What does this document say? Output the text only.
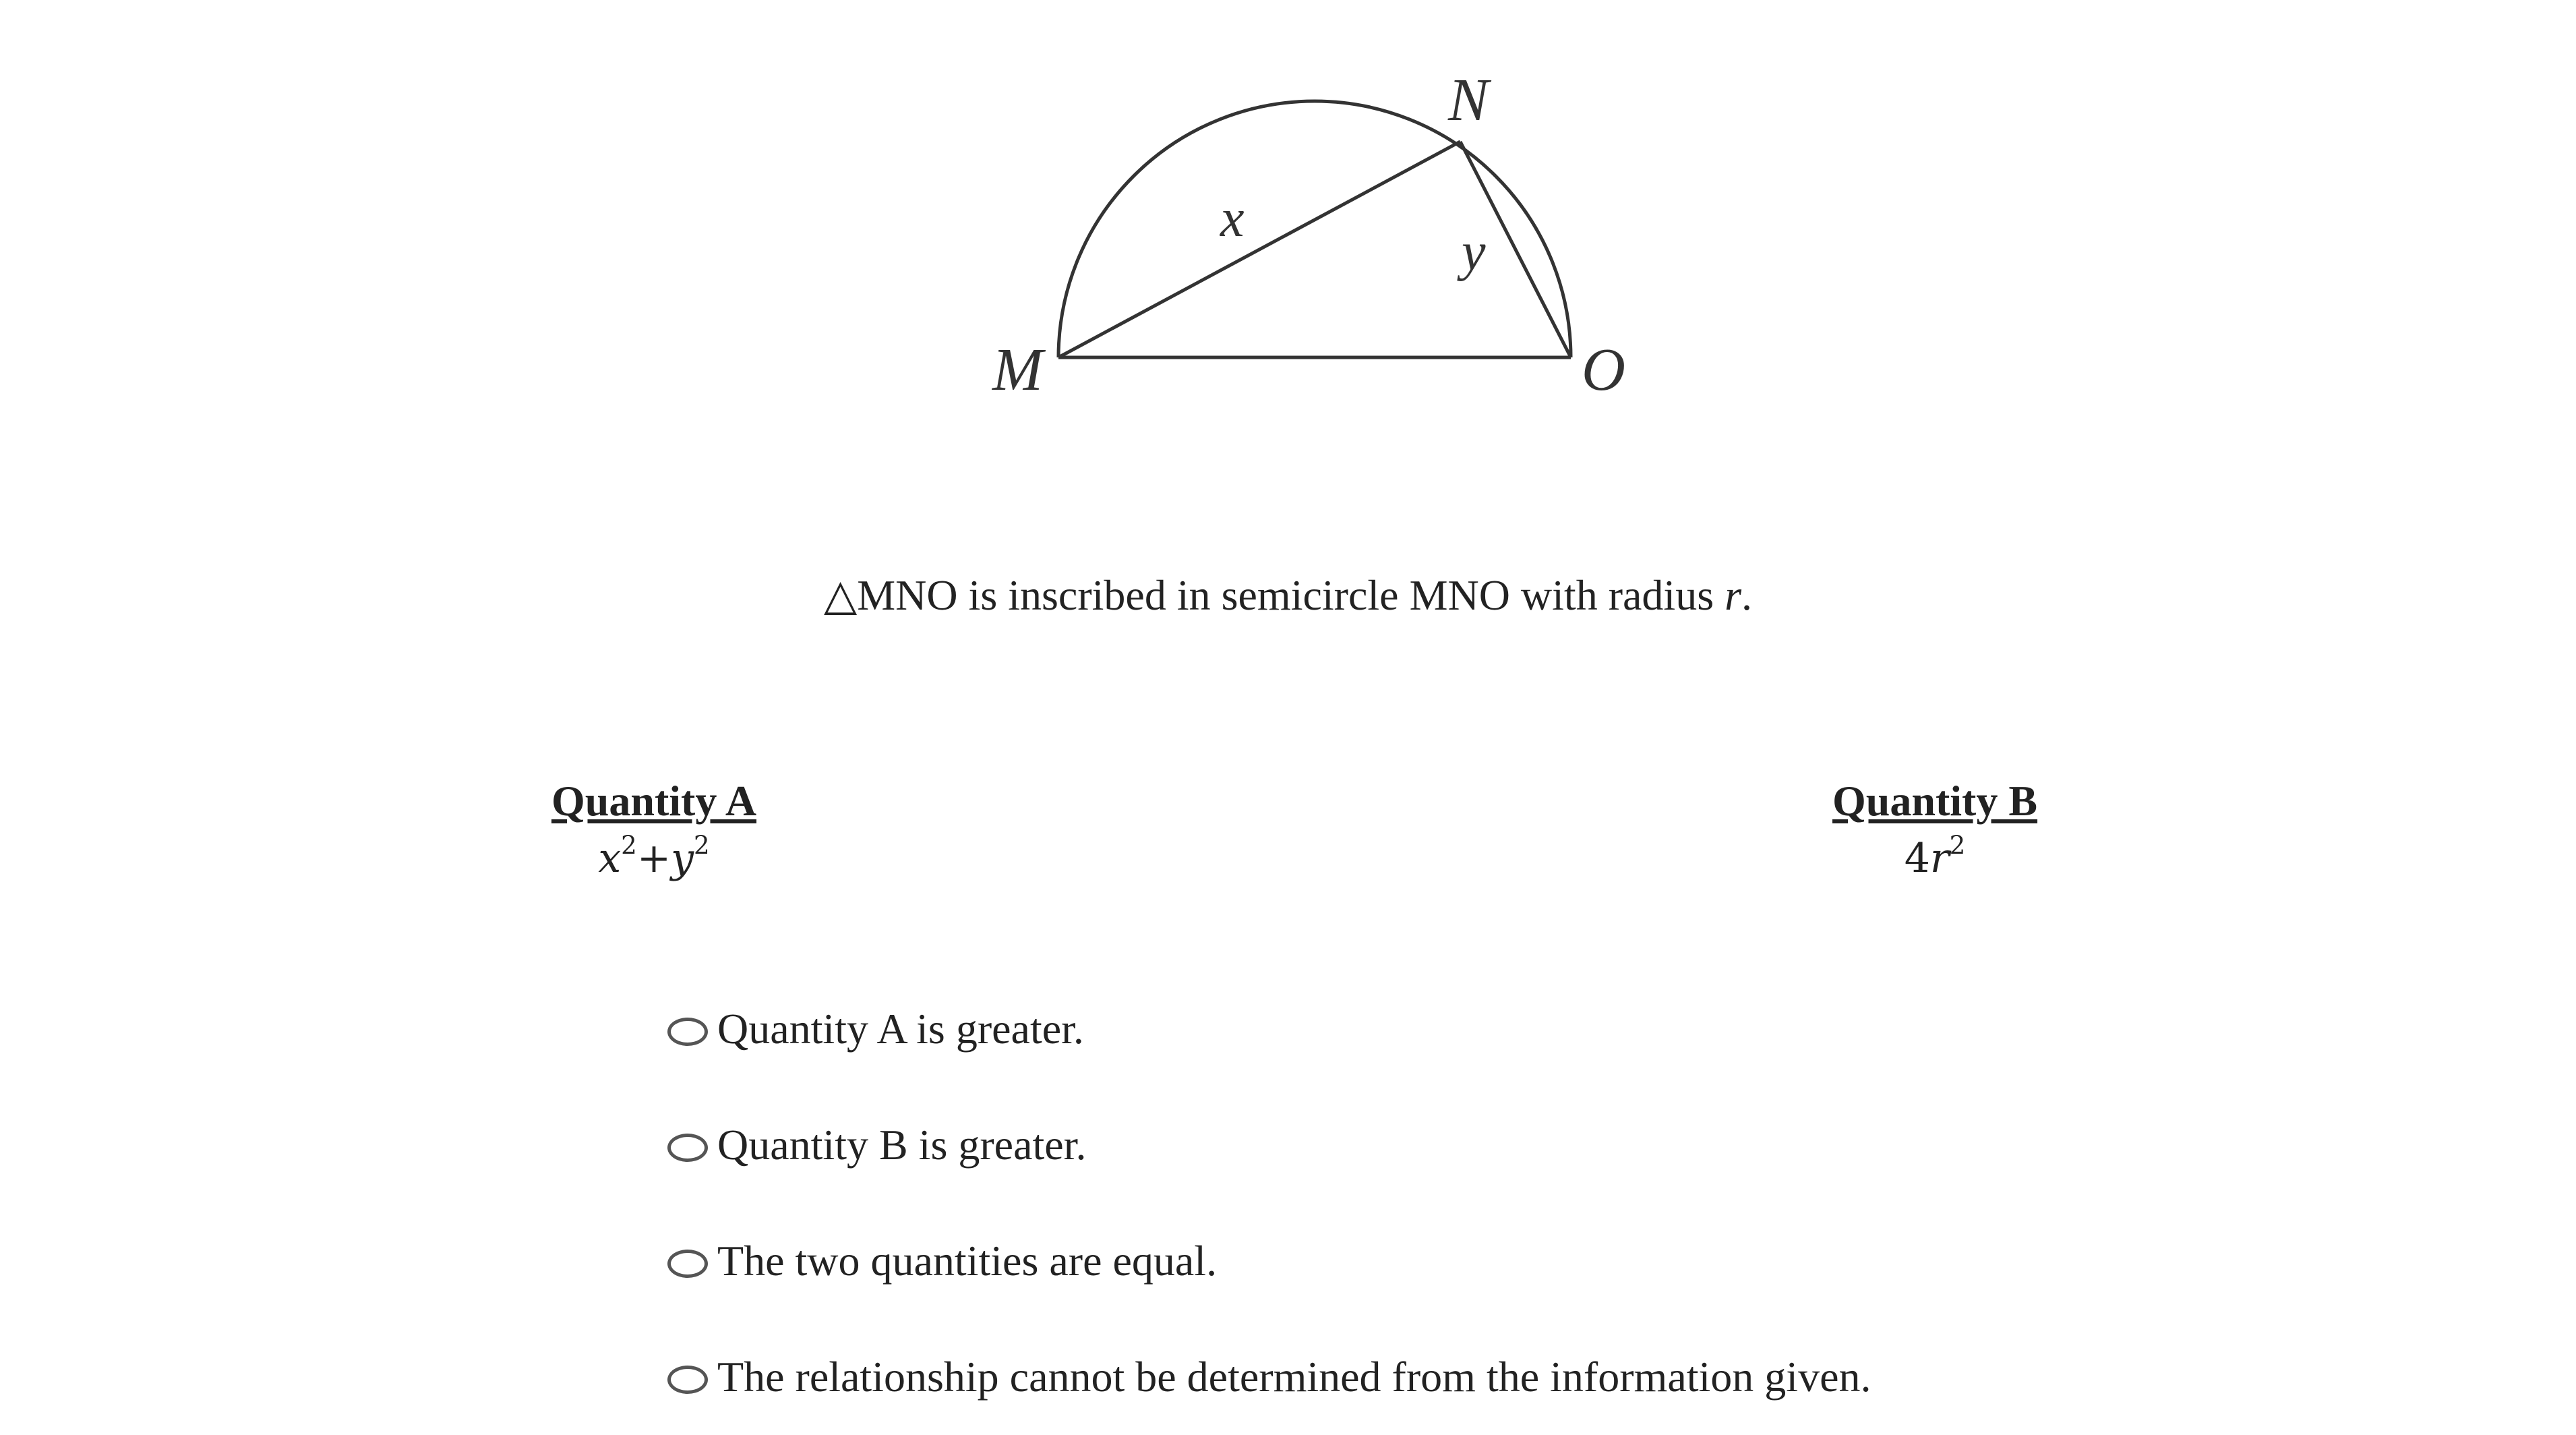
M
N
O
x
y
△MNO is inscribed in semicircle MNO with radius r.
Quantity A
$x^2+y^2$
Quantity B
$4r^2$
Quantity A is greater.
Quantity B is greater.
The two quantities are equal.
The relationship cannot be determined from the information given.
